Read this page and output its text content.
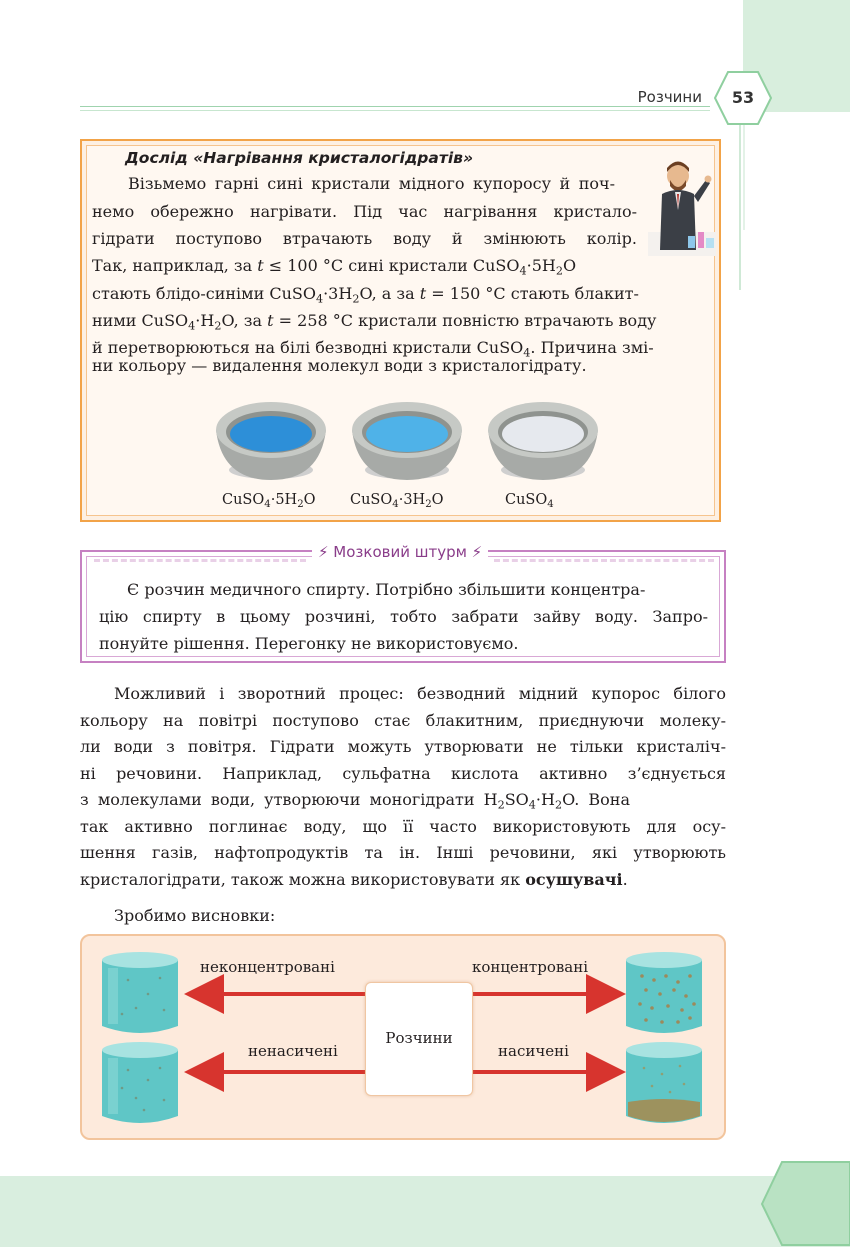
Розчини	53
Дослід «Нагрівання кристалогідратів»
Візьмемо гарні сині кристали мідного купоросу й поч-
немо обережно нагрівати. Під час нагрівання кристало-
гідрати поступово втрачають воду й змінюють колір.
Так, наприклад, за t ≤ 100 °C сині кристали $CuSO_4\cdot 5H_2O$
стають блідо-синіми $CuSO_4\cdot 3H_2O$, а за t = 150 °C стають блакит-
ними $CuSO_4\cdot H_2O$, за t = 258 °C кристали повністю втрачають воду
й перетворюються на білі безводні кристали CuSO$_4$. Причина змі-
ни кольору — видалення молекул води з кристалогідрату.
$CuSO_4\cdot 5H_2O$ $CuSO_4\cdot 3H_2O$	CuSO$_4$
⚡ Мозковий штурм ⚡
Є розчин медичного спирту. Потрібно збільшити концентра-
цію спирту в цьому розчині, тобто забрати зайву воду. Запро-
понуйте рішення. Перегонку не використовуємо.
Можливий і зворотний процес: безводний мідний купорос білого
кольору на повітрі поступово стає блакитним, приєднуючи молеку-
ли води з повітря. Гідрати можуть утворювати не тільки кристаліч-
ні речовини. Наприклад, сульфатна кислота активно з’єднується
з молекулами води, утворюючи моногідрати $H_2SO_4\cdot H_2O$. Вона
так активно поглинає воду, що її часто використовують для осу-
шення газів, нафтопродуктів та ін. Інші речовини, які утворюють
кристалогідрати, також можна використовувати як осушувачі.
Зробимо висновки:
Розчини
неконцентровані	концентровані
ненасичені	насичені
